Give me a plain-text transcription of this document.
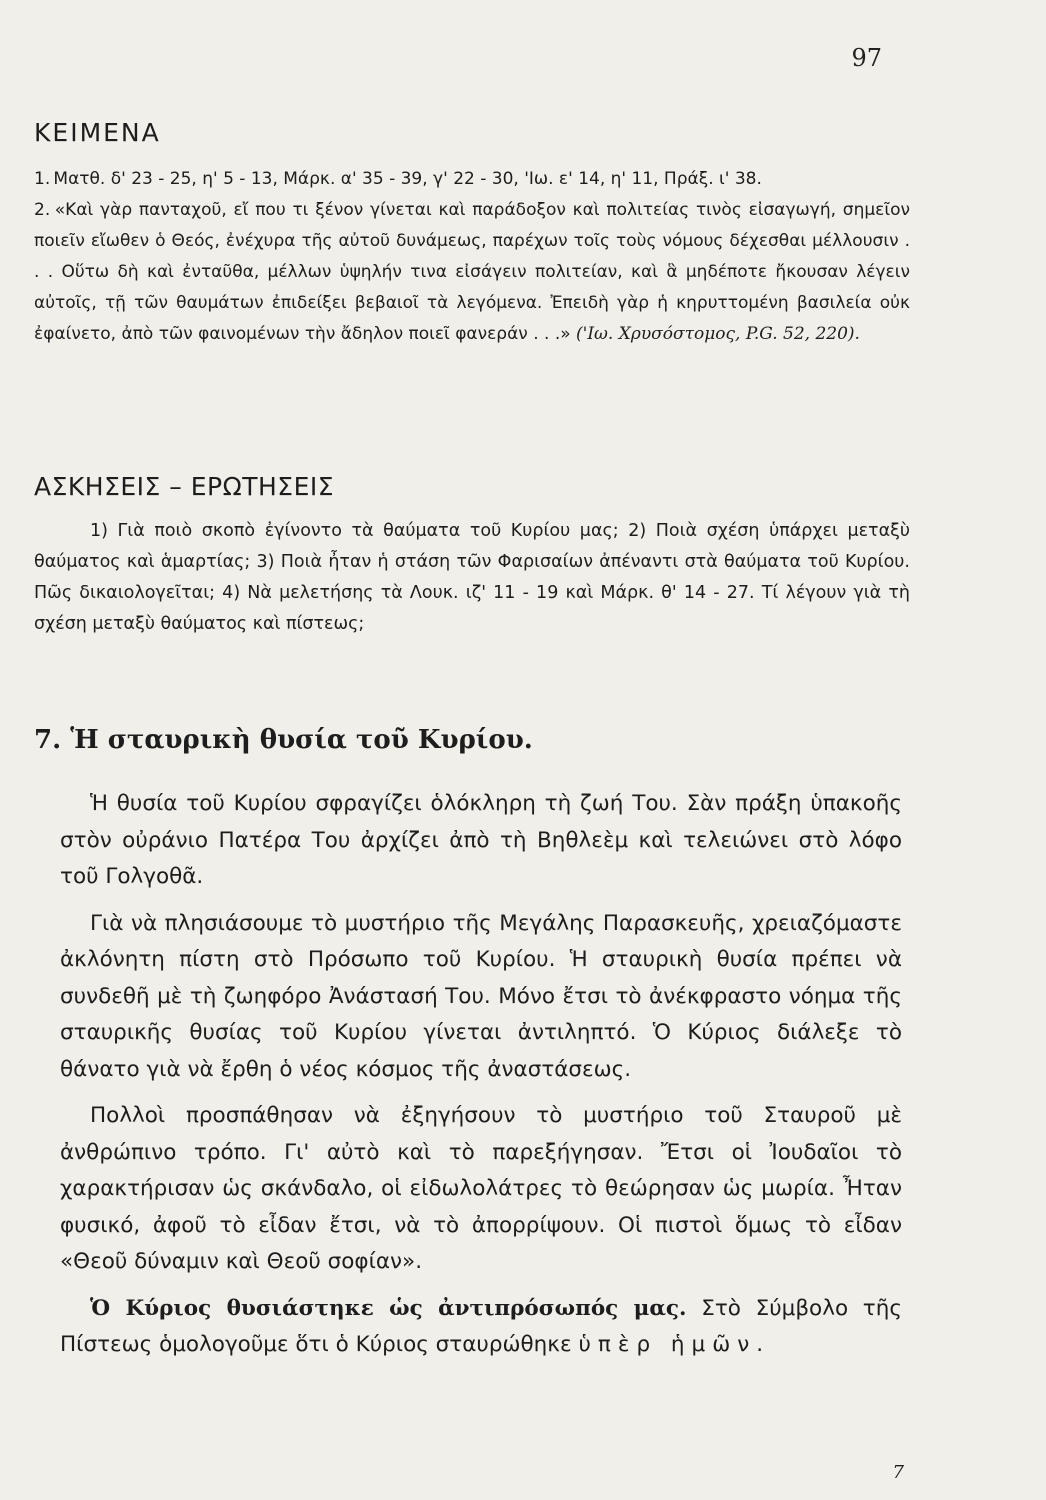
97
ΚΕΙΜΕΝΑ

1. Ματθ. δ' 23 - 25, η' 5 - 13, Μάρκ. α' 35 - 39, γ' 22 - 30, 'Ιω. ε' 14, η' 11, Πράξ. ι' 38.

2. «Καὶ γὰρ πανταχοῦ, εἴ που τι ξένον γίνεται καὶ παράδοξον καὶ πολιτείας τινὸς εἰσαγωγή, σημεῖον ποιεῖν εἴωθεν ὁ Θεός, ἐνέχυρα τῆς αὐτοῦ δυνάμεως, παρέχων τοῖς τοὺς νόμους δέχεσθαι μέλλουσιν . . . Οὕτω δὴ καὶ ἐνταῦθα, μέλλων ὑψηλήν τινα εἰσάγειν πολιτείαν, καὶ ἃ μηδέποτε ἤκουσαν λέγειν αὐτοῖς, τῇ τῶν θαυμάτων ἐπιδείξει βεβαιοῖ τὰ λεγόμενα. Ἐπειδὴ γὰρ ἡ κηρυττομένη βασιλεία οὐκ ἐφαίνετο, ἀπὸ τῶν φαινομένων τὴν ἄδηλον ποιεῖ φανεράν . . .» ('Ιω. Χρυσόστομος, P.G. 52, 220).

ΑΣΚΗΣΕΙΣ – ΕΡΩΤΗΣΕΙΣ

1) Γιὰ ποιὸ σκοπὸ ἐγίνοντο τὰ θαύματα τοῦ Κυρίου μας; 2) Ποιὰ σχέση ὑπάρχει μεταξὺ θαύματος καὶ ἁμαρτίας; 3) Ποιὰ ἦταν ἡ στάση τῶν Φαρισαίων ἀπέναντι στὰ θαύματα τοῦ Κυρίου. Πῶς δικαιολογεῖται; 4) Νὰ μελετήσης τὰ Λουκ. ιζ' 11 - 19 καὶ Μάρκ. θ' 14 - 27. Τί λέγουν γιὰ τὴ σχέση μεταξὺ θαύματος καὶ πίστεως;

7. Ἡ σταυρικὴ θυσία τοῦ Κυρίου.

Ἡ θυσία τοῦ Κυρίου σφραγίζει ὁλόκληρη τὴ ζωή Του. Σὰν πράξη ὑπακοῆς στὸν οὐράνιο Πατέρα Του ἀρχίζει ἀπὸ τὴ Βηθλεὲμ καὶ τελειώνει στὸ λόφο τοῦ Γολγοθᾶ.

Γιὰ νὰ πλησιάσουμε τὸ μυστήριο τῆς Μεγάλης Παρασκευῆς, χρειαζόμαστε ἀκλόνητη πίστη στὸ Πρόσωπο τοῦ Κυρίου. Ἡ σταυρικὴ θυσία πρέπει νὰ συνδεθῆ μὲ τὴ ζωηφόρο Ἀνάστασή Του. Μόνο ἔτσι τὸ ἀνέκφραστο νόημα τῆς σταυρικῆς θυσίας τοῦ Κυρίου γίνεται ἀντιληπτό. Ὁ Κύριος διάλεξε τὸ θάνατο γιὰ νὰ ἔρθη ὁ νέος κόσμος τῆς ἀναστάσεως.

Πολλοὶ προσπάθησαν νὰ ἐξηγήσουν τὸ μυστήριο τοῦ Σταυροῦ μὲ ἀνθρώπινο τρόπο. Γι' αὐτὸ καὶ τὸ παρεξήγησαν. Ἔτσι οἱ Ἰουδαῖοι τὸ χαρακτήρισαν ὡς σκάνδαλο, οἱ εἰδωλολάτρες τὸ θεώρησαν ὡς μωρία. Ἦταν φυσικό, ἀφοῦ τὸ εἶδαν ἔτσι, νὰ τὸ ἀπορρίψουν. Οἱ πιστοὶ ὅμως τὸ εἶδαν «Θεοῦ δύναμιν καὶ Θεοῦ σοφίαν».

Ὁ Κύριος θυσιάστηκε ὡς ἀντιπρόσωπός μας. Στὸ Σύμβολο τῆς Πίστεως ὁμολογοῦμε ὅτι ὁ Κύριος σταυρώθηκε ὑπὲρ ἡμῶν.

7
